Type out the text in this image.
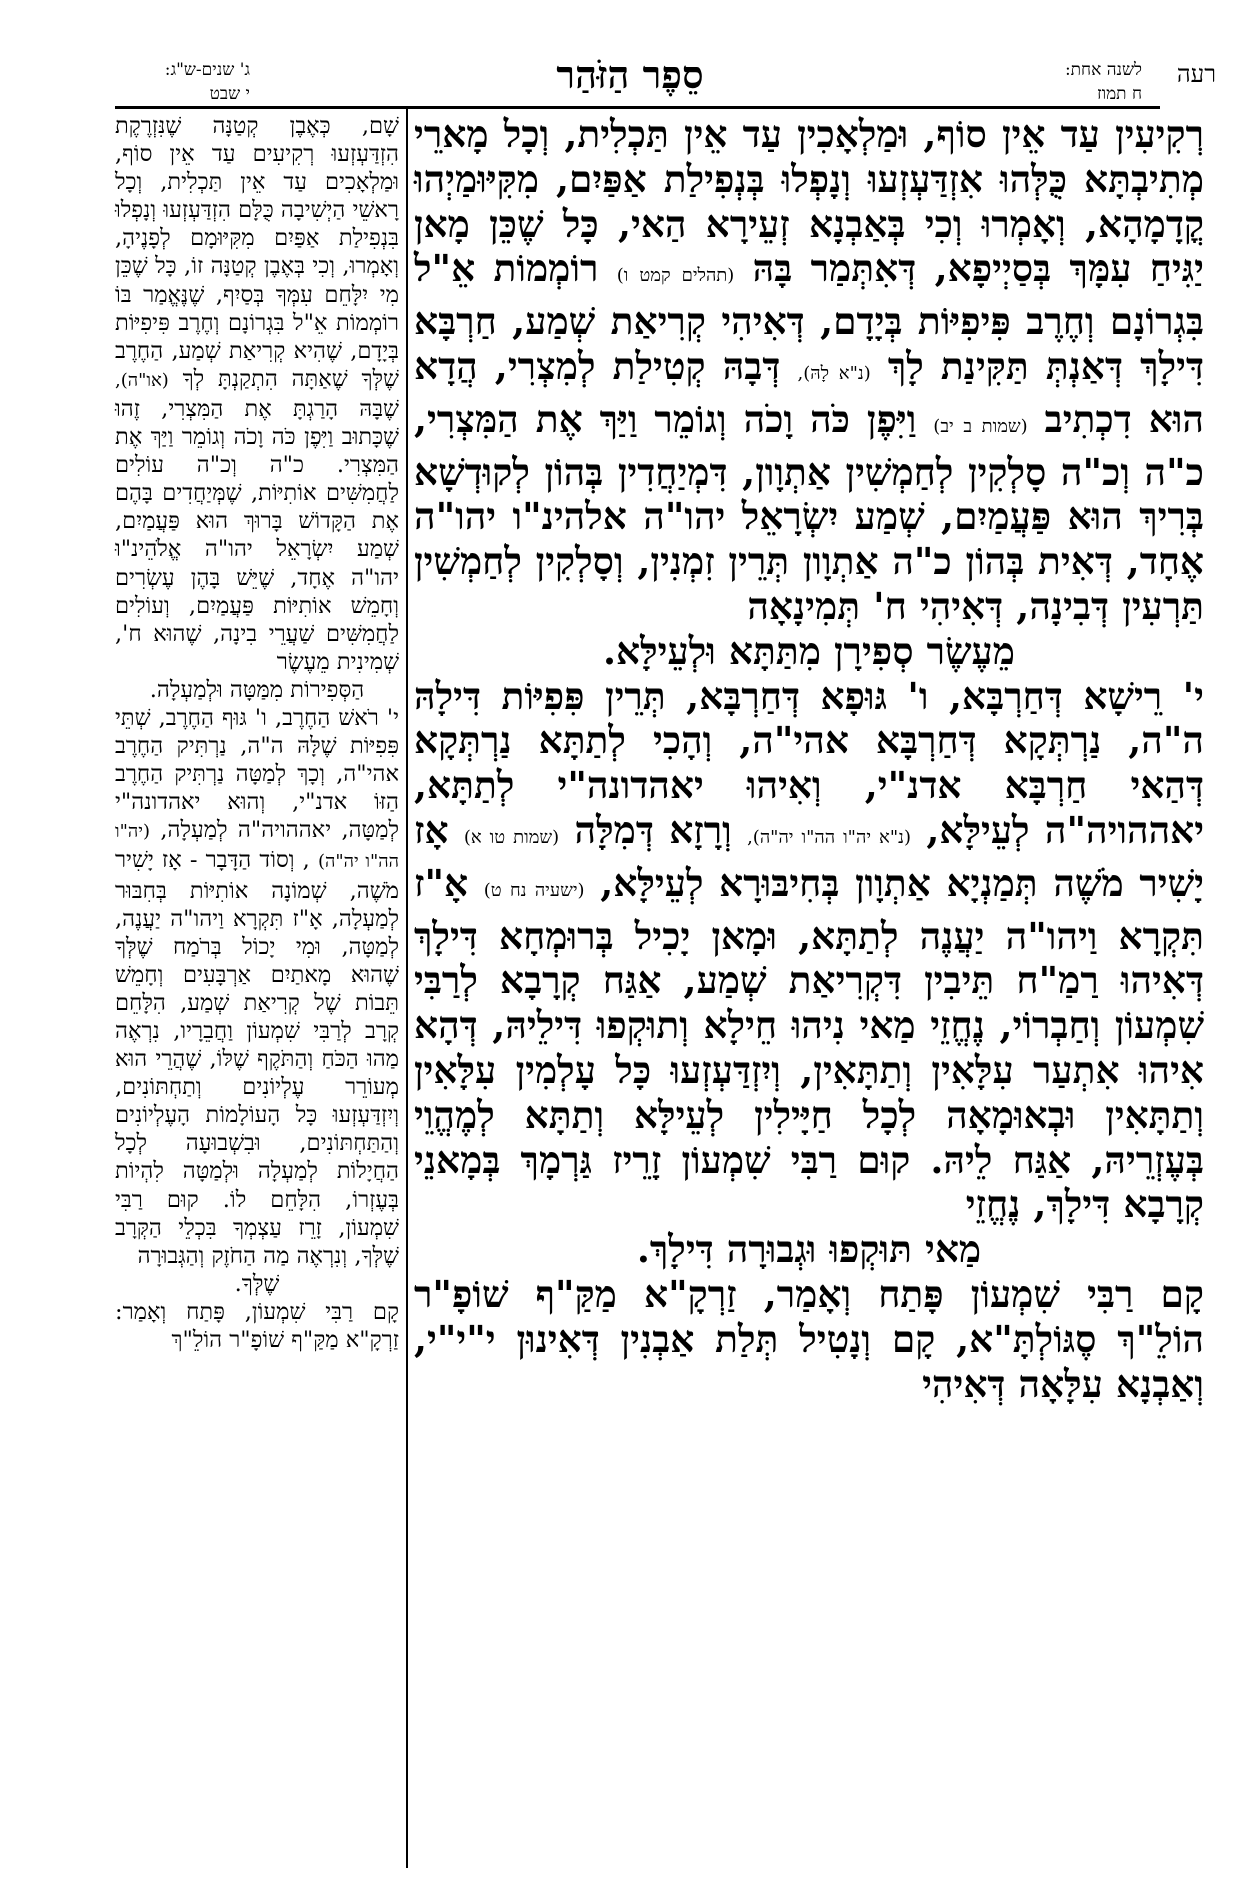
רעה
לשנה אחת:
ח תמוז
סֵפֶר הַזֹּהַר
ג' שנים-ש"ג:
י שבט

רְקִיעִין עַד אֵין סוֹף, וּמַלְאָכִין עַד אֵין תַּכְלִית, וְכָל מָארֵי מְתִיבְתָּא כֻּלְּהוּ אִזְדַּעְזְעוּ וְנָפְלוּ בְּנְפִילַת אַפַּיִם, מִקִּיּוּמַיְהוּ קֳדָמָהָא, וְאָמְרוּ וְכִי בְּאַבְנָא זְעֵירָא הַאי, כָּל שֶׁכֵּן מָאן יַגִּיחַ עִמָּךְ בְּסַיְיפָא, דְּאִתְּמַר בָּהּ (תהלים קמט ו) רוֹמְמוֹת אֵ"ל בִּגְרוֹנָם וְחֶרֶב פִּיפִיּוֹת בְּיָדָם, דְּאִיהִי קְרִיאַת שְׁמַע, חַרְבָּא דִּילָךְ דְּאַנְתְּ תַּקִּינַת לָךְ (נ"א לָהּ), דְּבָהּ קְטִילַת לְמִצְרִי, הֲדָא הוּא דִכְתִיב (שמות ב יב) וַיִּפֶן כֹּה וָכֹה וְגוֹמֵר וַיַּךְ אֶת הַמִּצְרִי, כ"ה וְכ"ה סָלְקִין לְחַמְשִׁין אַתְוָון, דִּמְיַחֲדִין בְּהוֹן לְקוּדְשָׁא בְּרִיךְ הוּא פַּעֲמַיִם, שְׁמַע יִשְׂרָאֵל יהו"ה אלהינ"ו יהו"ה אֶחָד, דְּאִית בְּהוֹן כ"ה אַתְוָון תְּרֵין זִמְנִין, וְסָלְקִין לְחַמְשִׁין תַּרְעִין דְּבִינָה, דְּאִיהִי ח' תְּמִינָאָה

מֵעֶשֶׂר סְפִירָן מִתַּתָּא וּלְעֵילָּא.

י' רֵישָׁא דְּחַרְבָּא, ו' גּוּפָא דְּחַרְבָּא, תְּרֵין פִּפִיּוֹת דִּילָהּ ה"ה, נַרְתְּקָא דְּחַרְבָּא אהי"ה, וְהָכִי לְתַתָּא נַרְתְּקָא דְּהַאי חַרְבָּא אדנ"י, וְאִיהוּ יאהדונה"י לְתַתָּא, יאההויה"ה לְעֵילָּא, (נ"א יה"ו הה"ו יה"ה), וְרָזָא דְּמִלָּה (שמות טו א) אָז יָשִׁיר מֹשֶׁה תְּמַנְיָא אַתְוָון בְּחִיבּוּרָא לְעֵילָּא, (ישעיה נח ט) אָ"ז תִּקְרָא וַיהו"ה יַעֲנֶה לְתַתָּא, וּמָאן יָכִיל בְּרוּמְחָא דִּילָךְ דְּאִיהוּ רַמַ"ח תֵּיבִין דִּקְרִיאַת שְׁמַע, אַגַּח קְרָבָא לְרַבִּי שִׁמְעוֹן וְחַבְרוֹי, נֶחֱזֵי מַאי נִיהוּ חֵילָא וְתוּקְפוּ דִּילֵיהּ, דְּהָא אִיהוּ אִתְעַר עִלָּאִין וְתַתָּאִין, וְיִזְדַּעְזְעוּ כָּל עָלְמִין עִלָּאִין וְתַתָּאִין וּבְאוּמָאָה לְכָל חַיָּילִין לְעֵילָּא וְתַתָּא לְמֶהֱוֵי בְּעֶזְרֵיהּ, אַגַּח לֵיהּ. קוּם רַבִּי שִׁמְעוֹן זָרֵיז גַּרְמָךְ בְּמָאנֵי קְרָבָא דִּילָךְ, נֶחֱזֵי

מַאי תּוּקְפוּ וּגְבוּרָה דִּילָךְ.

קָם רַבִּי שִׁמְעוֹן פָּתַח וְאָמַר, זַרְקָ"א מַקַּ"ף שׁוֹפָ"ר הוֹלֵ"ךְ סֶגּוֹלְתָּ"א, קָם וְנָטִיל תְּלַת אַבְנִין דְּאִינוּן י"י"י, וְאַבְנָא עִלָּאָה דְּאִיהִי

שָׁם, כְּאֶבֶן קְטַנָּה שֶׁנִּזְרֶקֶת הִזְדַּעְזְעוּ רְקִיעִים עַד אֵין סוֹף, וּמַלְאָכִים עַד אֵין תַּכְלִית, וְכָל רָאשֵׁי הַיְשִׁיבָה כֻּלָּם הִזְדַּעְזְעוּ וְנָפְלוּ בִּנְפִילַת אַפַּיִם מִקִּיּוּמָם לְפָנֶיהָ, וְאָמְרוּ, וְכִי בְּאֶבֶן קְטַנָּה זוֹ, כָּל שֶׁכֵּן מִי יִלָּחֵם עִמְּךָ בְּסַיִף, שֶׁנֶּאֱמַר בּוֹ רוֹמְמוֹת אֵ"ל בִּגְרוֹנָם וְחֶרֶב פִּיפִיּוֹת בְּיָדָם, שֶׁהִיא קְרִיאַת שְׁמַע, הַחֶרֶב שֶׁלְּךָ שֶׁאַתָּה הִתְקַנְתָּ לְךָ (או"ה), שֶׁבָּהּ הָרַגְתָּ אֶת הַמִּצְרִי, זֶהוּ שֶׁכָּתוּב וַיִּפֶן כֹּה וָכֹה וְגוֹמֵר וַיַּךְ אֶת הַמִּצְרִי. כ"ה וְכ"ה עוֹלִים לַחֲמִשִּׁים אוֹתִיּוֹת, שֶׁמְּיַחֲדִים בָּהֶם אֶת הַקָּדוֹשׁ בָּרוּךְ הוּא פַּעֲמַיִם, שְׁמַע יִשְׂרָאֵל יהו"ה אֱלֹהֵינ"וּ יהו"ה אֶחָד, שֶׁיֵּשׁ בָּהֶן עֶשְׂרִים וְחָמֵשׁ אוֹתִיּוֹת פַּעֲמַיִם, וְעוֹלִים לַחֲמִשִּׁים שַׁעֲרֵי בִינָה, שֶׁהוּא ח', שְׁמִינִית מֵעֶשֶׂר

הַסְּפִירוֹת מִמַּטָּה וּלְמַעְלָה.

י' רֹאשׁ הַחֶרֶב, ו' גּוּף הַחֶרֶב, שְׁתֵּי פִּפִיּוֹת שֶׁלָּהּ ה"ה, נַרְתִּיק הַחֶרֶב אהי"ה, וְכָךְ לְמַטָּה נַרְתִּיק הַחֶרֶב הַזּוֹ אדנ"י, וְהוּא יאהדונה"י לְמַטָּה, יאההויה"ה לְמַעְלָה, (יה"ו הה"ו יה"ה) , וְסוֹד הַדָּבָר - אָז יָשִׁיר מֹשֶׁה, שְׁמוֹנָה אוֹתִיּוֹת בְּחִבּוּר לְמַעְלָה, אָ"ז תִּקְרָא וַיהו"ה יַעֲנֶה, לְמַטָּה, וּמִי יָכוֹל בְּרֹמַח שֶׁלְּךָ שֶׁהוּא מָאתַיִם אַרְבָּעִים וְחָמֵשׁ תֵּבוֹת שֶׁל קְרִיאַת שְׁמַע, הִלָּחֵם קְרָב לְרַבִּי שִׁמְעוֹן וַחֲבֵרָיו, נִרְאֶה מַהוּ הַכֹּחַ וְהַתֹּקֶף שֶׁלּוֹ, שֶׁהֲרֵי הוּא מְעוֹרֵר עֶלְיוֹנִים וְתַחְתּוֹנִים, וְיִזְדַּעְזְעוּ כָּל הָעוֹלָמוֹת הָעֶלְיוֹנִים וְהַתַּחְתּוֹנִים, וּבִשְׁבוּעָה לְכָל הַחֲיָלוֹת לְמַעְלָה וּלְמַטָּה לִהְיוֹת בְּעֶזְרוֹ, הִלָּחֵם לוֹ. קוּם רַבִּי שִׁמְעוֹן, זָרֵז עַצְמְךָ בִּכְלֵי הַקְּרָב שֶׁלְּךָ, וְנִרְאֶה מַה הַחֹזֶק וְהַגְּבוּרָה

שֶׁלְּךָ.

קָם רַבִּי שִׁמְעוֹן, פָּתַח וְאָמַר: זַרְקָ"א מַקַּ"ף שׁוֹפָ"ר הוֹלֵ"ךְ
